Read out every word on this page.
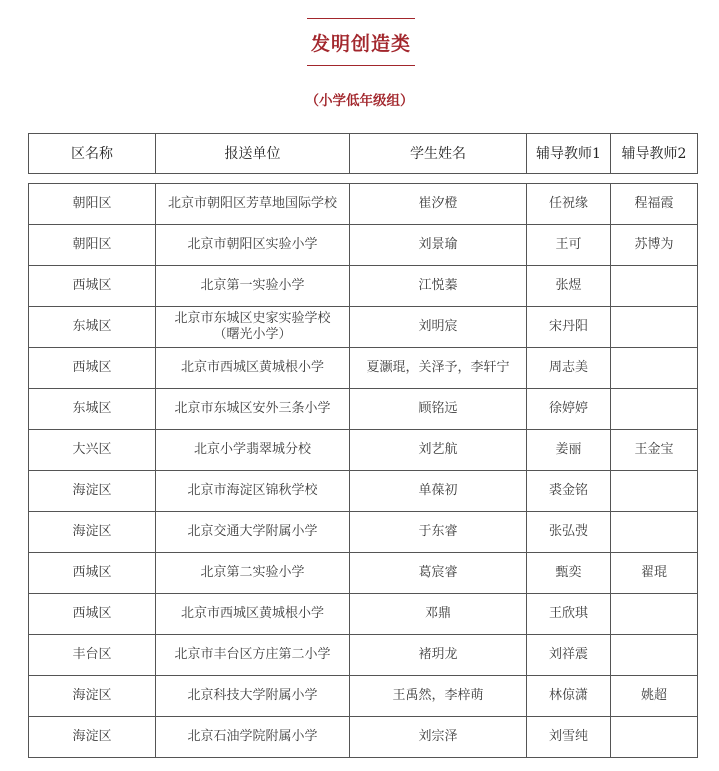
发明创造类
（小学低年级组）
区名称	报送单位	学生姓名	辅导教师1	辅导教师2
朝阳区	北京市朝阳区芳草地国际学校	崔汐橙	任祝缘	程福霞
朝阳区	北京市朝阳区实验小学	刘景瑜	王可	苏博为
西城区	北京第一实验小学	江悦蓁	张煜	
东城区	北京市东城区史家实验学校（曙光小学）	刘明宸	宋丹阳	
西城区	北京市西城区黄城根小学	夏灏琨，关泽予，李轩宁	周志美	
东城区	北京市东城区安外三条小学	顾铭远	徐婷婷	
大兴区	北京小学翡翠城分校	刘艺航	姜丽	王金宝
海淀区	北京市海淀区锦秋学校	单葆初	裘金铭	
海淀区	北京交通大学附属小学	于东睿	张弘弢	
西城区	北京第二实验小学	葛宸睿	甄奕	翟琨
西城区	北京市西城区黄城根小学	邓鼎	王欣琪	
丰台区	北京市丰台区方庄第二小学	褚玥龙	刘祥震	
海淀区	北京科技大学附属小学	王禹然，李梓萌	林倞潇	姚超
海淀区	北京石油学院附属小学	刘宗泽	刘雪纯	
